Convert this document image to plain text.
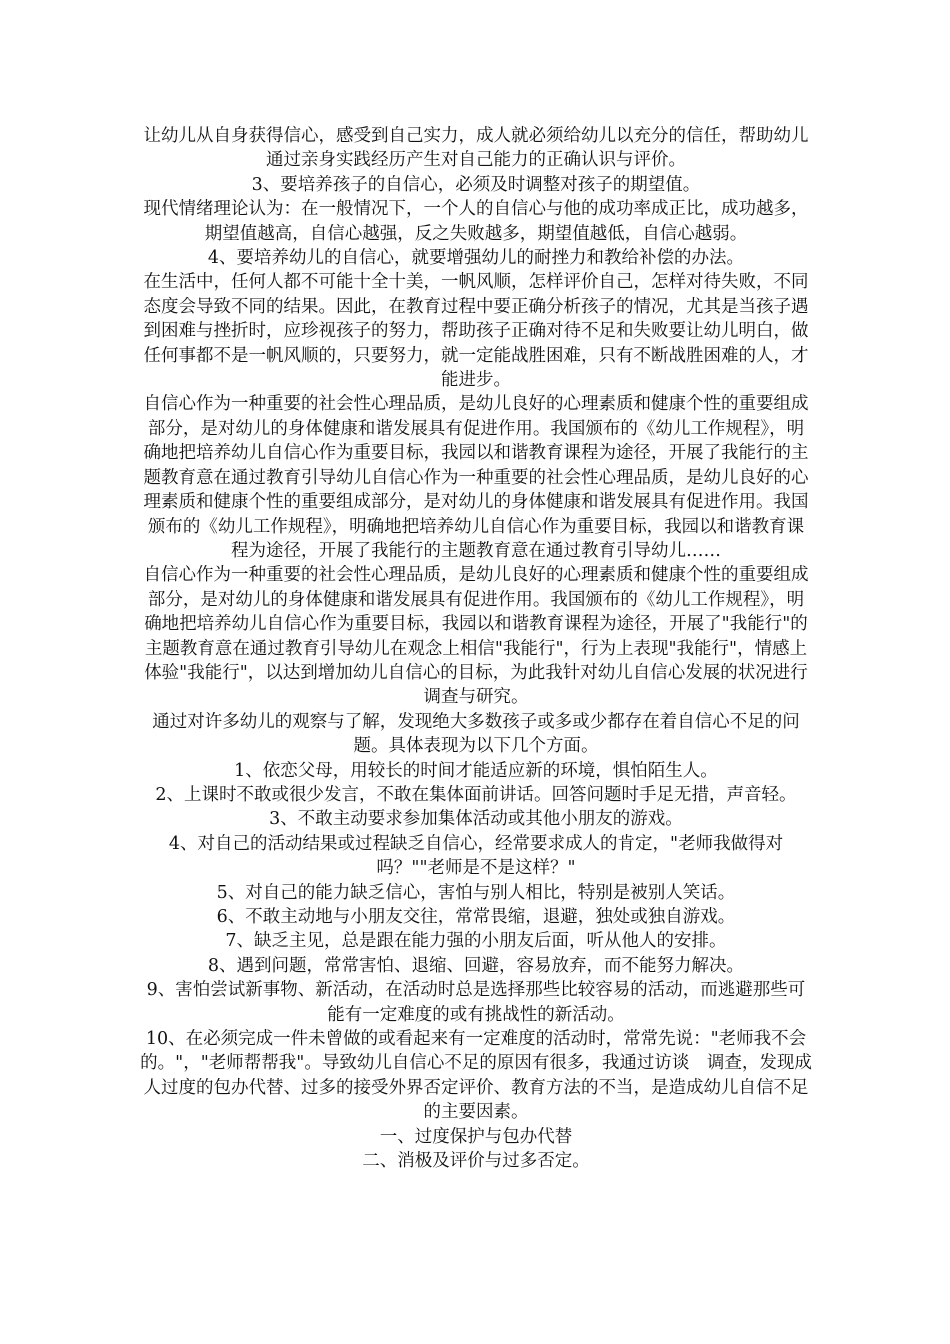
让幼儿从自身获得信心，感受到自己实力，成人就必须给幼儿以充分的信任，帮助幼儿通过亲身实践经历产生对自己能力的正确认识与评价。

3、要培养孩子的自信心，必须及时调整对孩子的期望值。

现代情绪理论认为：在一般情况下，一个人的自信心与他的成功率成正比，成功越多，期望值越高，自信心越强，反之失败越多，期望值越低，自信心越弱。

4、要培养幼儿的自信心，就要增强幼儿的耐挫力和教给补偿的办法。

在生活中，任何人都不可能十全十美，一帆风顺，怎样评价自己，怎样对待失败，不同态度会导致不同的结果。因此，在教育过程中要正确分析孩子的情况，尤其是当孩子遇到困难与挫折时，应珍视孩子的努力，帮助孩子正确对待不足和失败要让幼儿明白，做任何事都不是一帆风顺的，只要努力，就一定能战胜困难，只有不断战胜困难的人，才能进步。

自信心作为一种重要的社会性心理品质，是幼儿良好的心理素质和健康个性的重要组成部分，是对幼儿的身体健康和谐发展具有促进作用。我国颁布的《幼儿工作规程》，明确地把培养幼儿自信心作为重要目标，我园以和谐教育课程为途径，开展了我能行的主题教育意在通过教育引导幼儿自信心作为一种重要的社会性心理品质，是幼儿良好的心理素质和健康个性的重要组成部分，是对幼儿的身体健康和谐发展具有促进作用。我国颁布的《幼儿工作规程》，明确地把培养幼儿自信心作为重要目标，我园以和谐教育课程为途径，开展了我能行的主题教育意在通过教育引导幼儿……

自信心作为一种重要的社会性心理品质，是幼儿良好的心理素质和健康个性的重要组成部分，是对幼儿的身体健康和谐发展具有促进作用。我国颁布的《幼儿工作规程》，明确地把培养幼儿自信心作为重要目标，我园以和谐教育课程为途径，开展了"我能行"的主题教育意在通过教育引导幼儿在观念上相信"我能行"，行为上表现"我能行"，情感上体验"我能行"，以达到增加幼儿自信心的目标，为此我针对幼儿自信心发展的状况进行调查与研究。

通过对许多幼儿的观察与了解，发现绝大多数孩子或多或少都存在着自信心不足的问题。具体表现为以下几个方面。

1、依恋父母，用较长的时间才能适应新的环境，惧怕陌生人。

2、上课时不敢或很少发言，不敢在集体面前讲话。回答问题时手足无措，声音轻。

3、不敢主动要求参加集体活动或其他小朋友的游戏。

4、对自己的活动结果或过程缺乏自信心，经常要求成人的肯定，"老师我做得对吗？""老师是不是这样？"

5、对自己的能力缺乏信心，害怕与别人相比，特别是被别人笑话。

6、不敢主动地与小朋友交往，常常畏缩，退避，独处或独自游戏。

7、缺乏主见，总是跟在能力强的小朋友后面，听从他人的安排。

8、遇到问题，常常害怕、退缩、回避，容易放弃，而不能努力解决。

9、害怕尝试新事物、新活动，在活动时总是选择那些比较容易的活动，而逃避那些可能有一定难度的或有挑战性的新活动。

10、在必须完成一件未曾做的或看起来有一定难度的活动时，常常先说："老师我不会的。"，"老师帮帮我"。导致幼儿自信心不足的原因有很多，我通过访谈　调查，发现成人过度的包办代替、过多的接受外界否定评价、教育方法的不当，是造成幼儿自信不足的主要因素。

一、过度保护与包办代替

二、消极及评价与过多否定。
